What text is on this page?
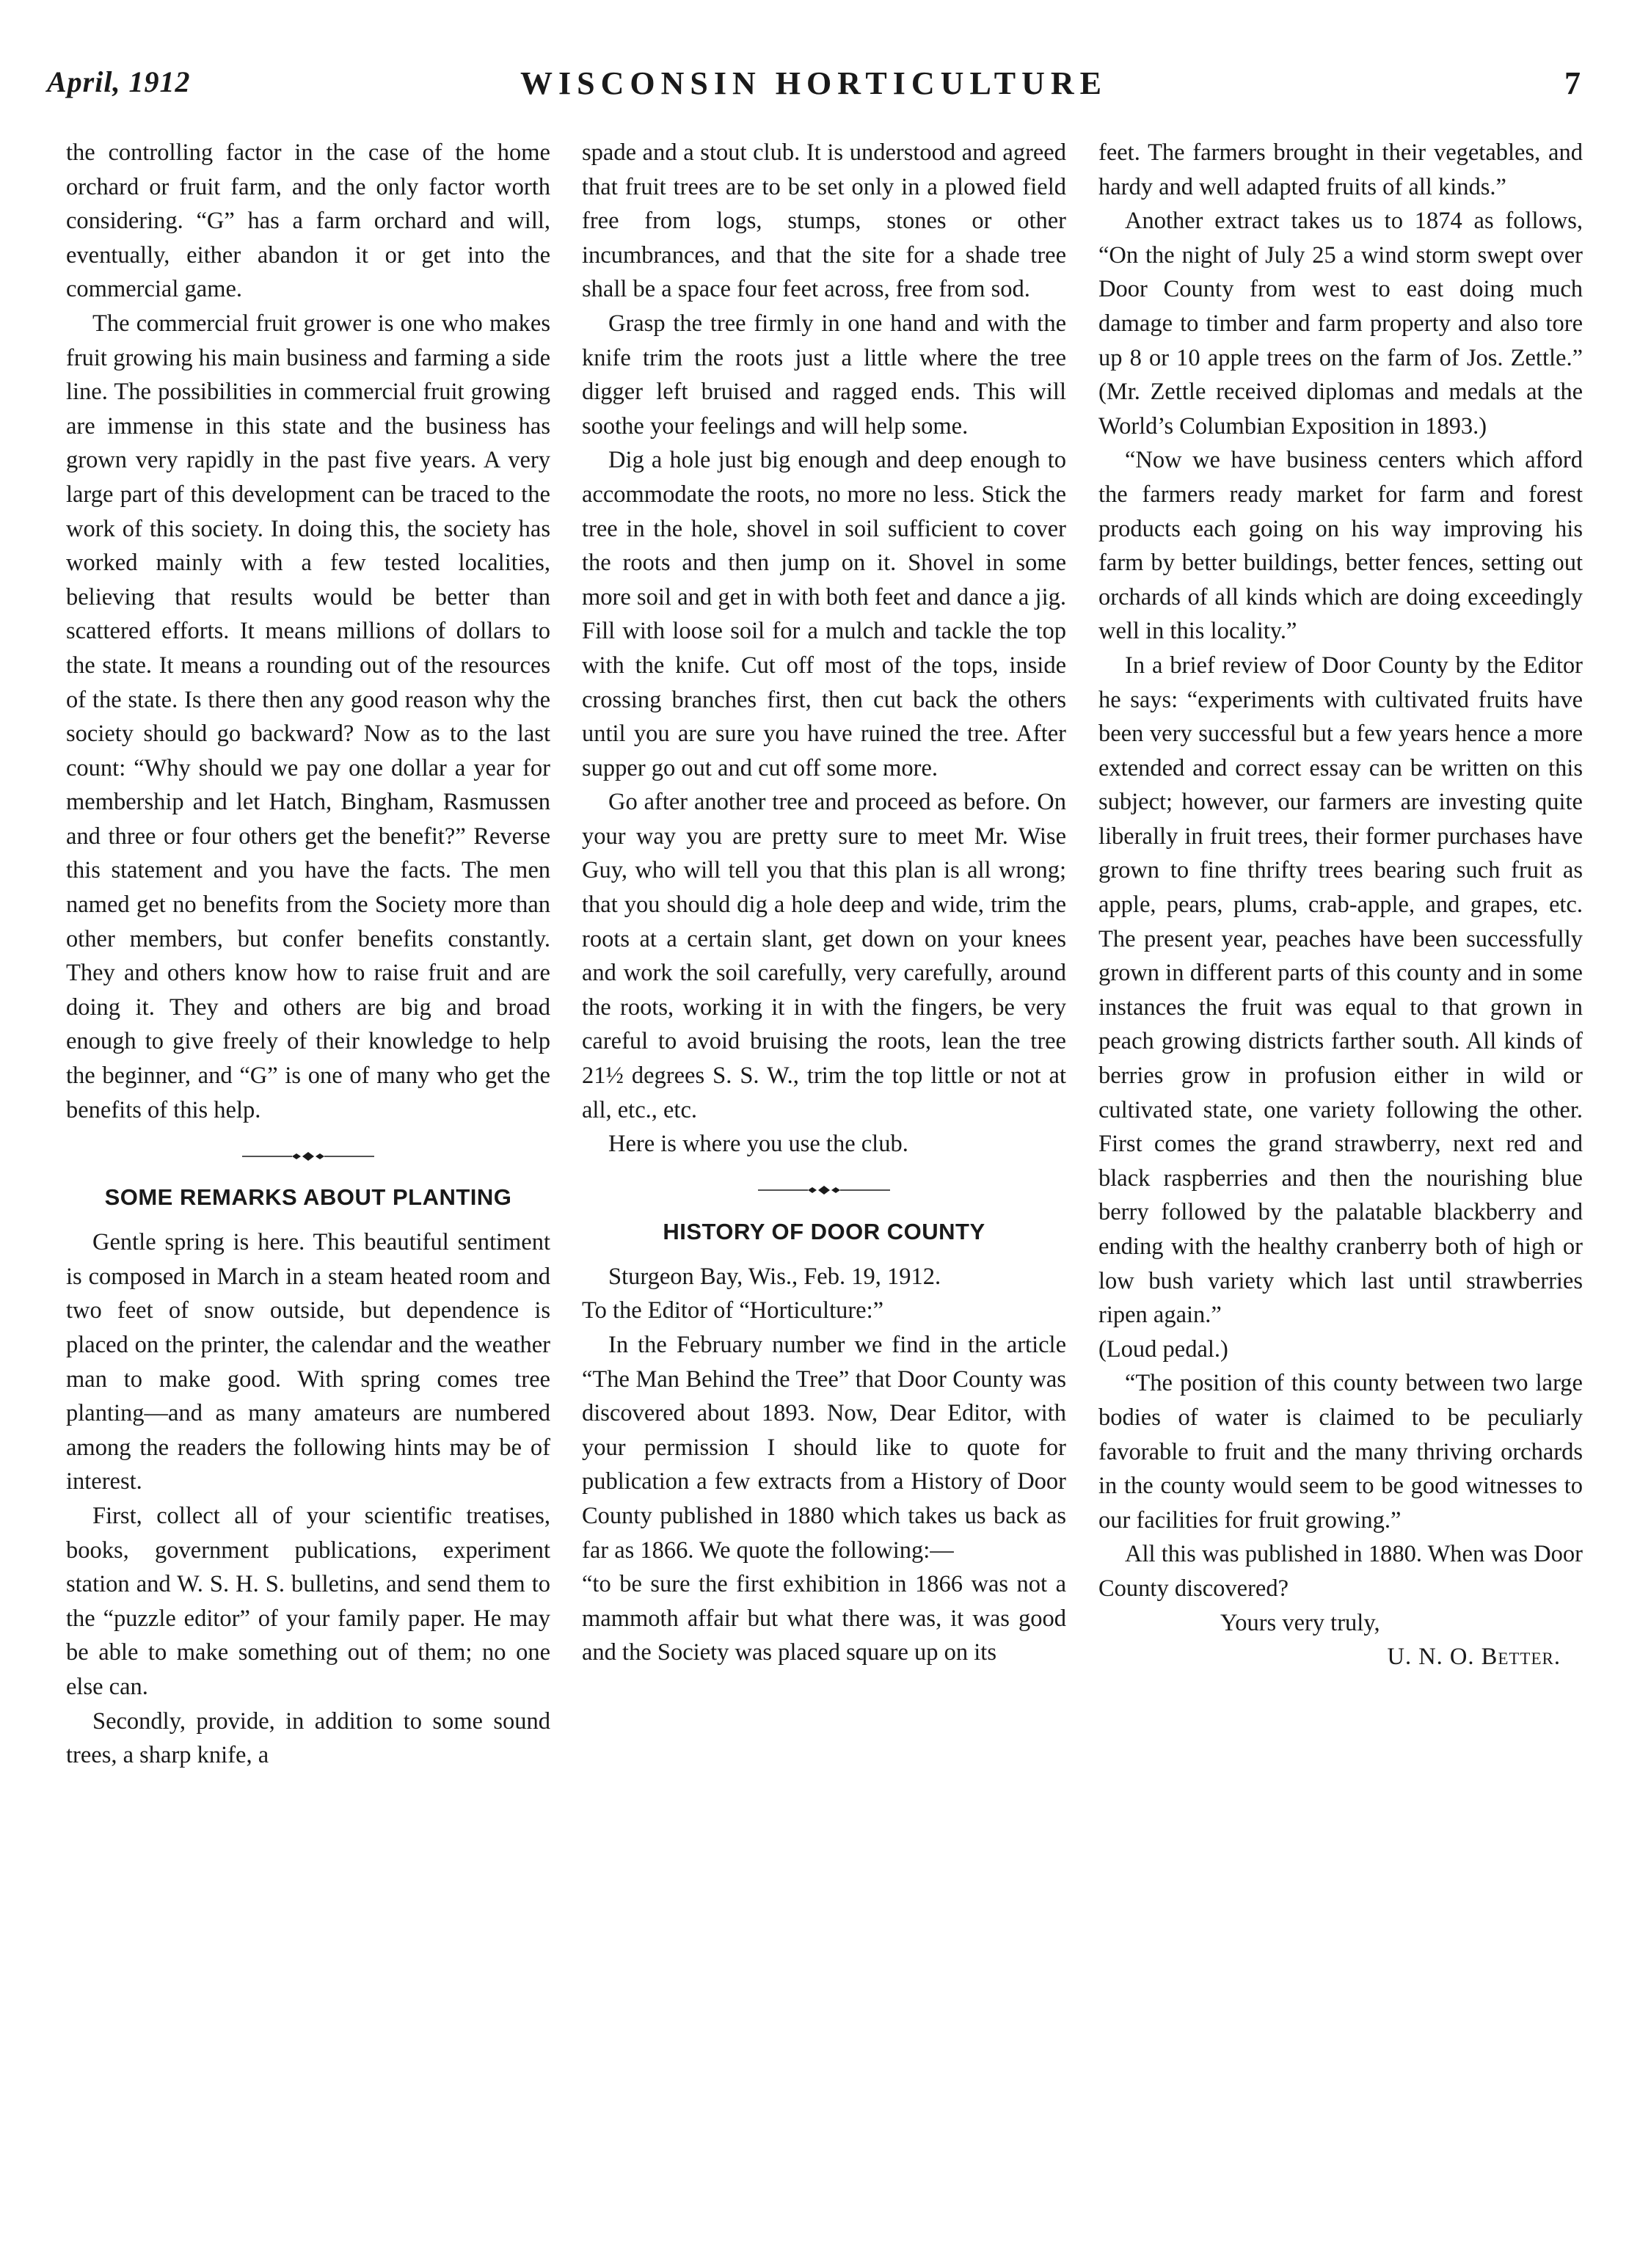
April, 1912	WISCONSIN HORTICULTURE	7

the controlling factor in the case of the home orchard or fruit farm, and the only factor worth considering. “G” has a farm orchard and will, eventually, either abandon it or get into the commercial game.

The commercial fruit grower is one who makes fruit growing his main business and farming a side line. The possibilities in commercial fruit growing are immense in this state and the business has grown very rapidly in the past five years. A very large part of this development can be traced to the work of this society. In doing this, the society has worked mainly with a few tested localities, believing that results would be better than scattered efforts. It means millions of dollars to the state. It means a rounding out of the resources of the state. Is there then any good reason why the society should go backward? Now as to the last count: “Why should we pay one dollar a year for membership and let Hatch, Bingham, Rasmussen and three or four others get the benefit?” Reverse this statement and you have the facts. The men named get no benefits from the Society more than other members, but confer benefits constantly. They and others know how to raise fruit and are doing it. They and others are big and broad enough to give freely of their knowledge to help the beginner, and “G” is one of many who get the benefits of this help.

SOME REMARKS ABOUT PLANTING

Gentle spring is here. This beautiful sentiment is composed in March in a steam heated room and two feet of snow outside, but dependence is placed on the printer, the calendar and the weather man to make good. With spring comes tree planting—and as many amateurs are numbered among the readers the following hints may be of interest.

First, collect all of your scientific treatises, books, government publications, experiment station and W. S. H. S. bulletins, and send them to the “puzzle editor” of your family paper. He may be able to make something out of them; no one else can.

Secondly, provide, in addition to some sound trees, a sharp knife, a

spade and a stout club. It is understood and agreed that fruit trees are to be set only in a plowed field free from logs, stumps, stones or other incumbrances, and that the site for a shade tree shall be a space four feet across, free from sod.

Grasp the tree firmly in one hand and with the knife trim the roots just a little where the tree digger left bruised and ragged ends. This will soothe your feelings and will help some.

Dig a hole just big enough and deep enough to accommodate the roots, no more no less. Stick the tree in the hole, shovel in soil sufficient to cover the roots and then jump on it. Shovel in some more soil and get in with both feet and dance a jig. Fill with loose soil for a mulch and tackle the top with the knife. Cut off most of the tops, inside crossing branches first, then cut back the others until you are sure you have ruined the tree. After supper go out and cut off some more.

Go after another tree and proceed as before. On your way you are pretty sure to meet Mr. Wise Guy, who will tell you that this plan is all wrong; that you should dig a hole deep and wide, trim the roots at a certain slant, get down on your knees and work the soil carefully, very carefully, around the roots, working it in with the fingers, be very careful to avoid bruising the roots, lean the tree 21½ degrees S. S. W., trim the top little or not at all, etc., etc.

Here is where you use the club.

HISTORY OF DOOR COUNTY

Sturgeon Bay, Wis., Feb. 19, 1912.

To the Editor of “Horticulture:”

In the February number we find in the article “The Man Behind the Tree” that Door County was discovered about 1893. Now, Dear Editor, with your permission I should like to quote for publication a few extracts from a History of Door County published in 1880 which takes us back as far as 1866. We quote the following:—

“to be sure the first exhibition in 1866 was not a mammoth affair but what there was, it was good and the Society was placed square up on its

feet. The farmers brought in their vegetables, and hardy and well adapted fruits of all kinds.”

Another extract takes us to 1874 as follows, “On the night of July 25 a wind storm swept over Door County from west to east doing much damage to timber and farm property and also tore up 8 or 10 apple trees on the farm of Jos. Zettle.” (Mr. Zettle received diplomas and medals at the World’s Columbian Exposition in 1893.)

“Now we have business centers which afford the farmers ready market for farm and forest products each going on his way improving his farm by better buildings, better fences, setting out orchards of all kinds which are doing exceedingly well in this locality.”

In a brief review of Door County by the Editor he says: “experiments with cultivated fruits have been very successful but a few years hence a more extended and correct essay can be written on this subject; however, our farmers are investing quite liberally in fruit trees, their former purchases have grown to fine thrifty trees bearing such fruit as apple, pears, plums, crab-apple, and grapes, etc. The present year, peaches have been successfully grown in different parts of this county and in some instances the fruit was equal to that grown in peach growing districts farther south. All kinds of berries grow in profusion either in wild or cultivated state, one variety following the other. First comes the grand strawberry, next red and black raspberries and then the nourishing blue berry followed by the palatable blackberry and ending with the healthy cranberry both of high or low bush variety which last until strawberries ripen again.”

(Loud pedal.)

“The position of this county between two large bodies of water is claimed to be peculiarly favorable to fruit and the many thriving orchards in the county would seem to be good witnesses to our facilities for fruit growing.”

All this was published in 1880. When was Door County discovered?

Yours very truly,

U. N. O. Better.
